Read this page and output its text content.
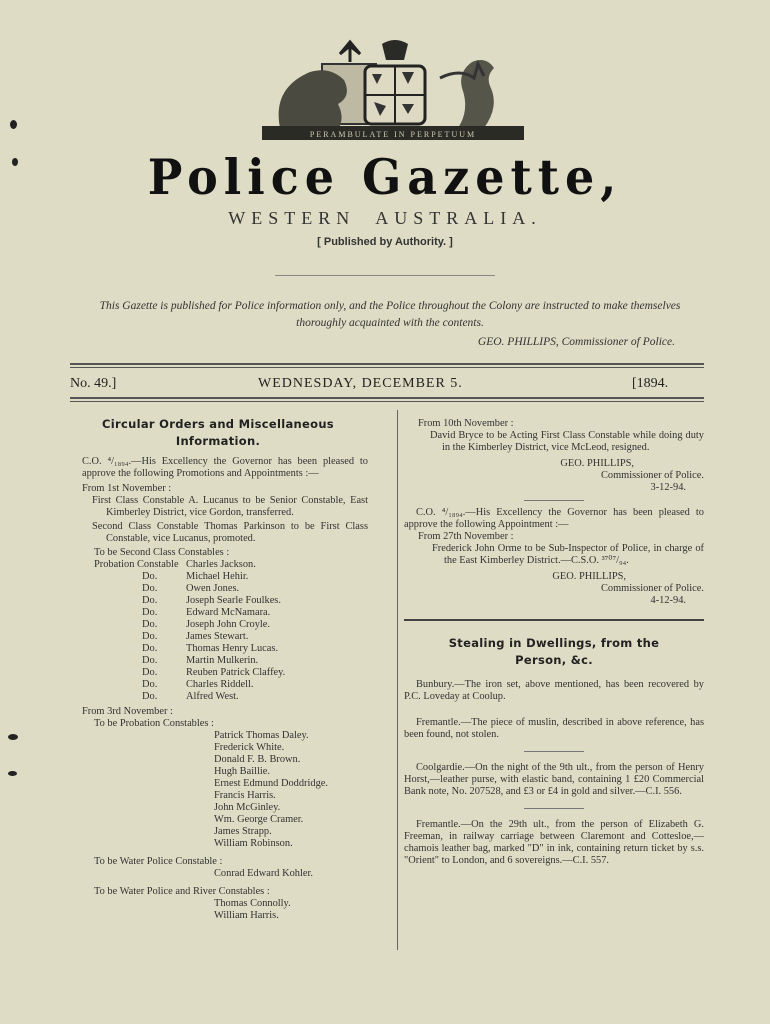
PERAMBULATE IN PERPETUUM
Police Gazette,
WESTERN  AUSTRALIA.
[ Published by Authority. ]
This Gazette is published for Police information only, and the Police throughout the Colony are instructed to make themselves thoroughly acquainted with the contents.
GEO. PHILLIPS, Commissioner of Police.
No. 49.]	WEDNESDAY, DECEMBER 5.	[1894.

Circular Orders and Miscellaneous Information.

C.O. ⁴/₁₈₉₄.—His Excellency the Governor has been pleased to approve the following Promotions and Appointments :—

From 1st November :

First Class Constable A. Lucanus to be Senior Constable, East Kimberley District, vice Gordon, transferred.

Second Class Constable Thomas Parkinson to be First Class Constable, vice Lucanus, promoted.

To be Second Class Constables :

Probation Constable Charles Jackson.
Do.	Michael Hehir.
Do.	Owen Jones.
Do.	Joseph Searle Foulkes.
Do.	Edward McNamara.
Do.	Joseph John Croyle.
Do.	James Stewart.
Do.	Thomas Henry Lucas.
Do.	Martin Mulkerin.
Do.	Reuben Patrick Claffey.
Do.	Charles Riddell.
Do.	Alfred West.

From 3rd November :

To be Probation Constables :

Patrick Thomas Daley.

Frederick White.

Donald F. B. Brown.

Hugh Baillie.

Ernest Edmund Doddridge.

Francis Harris.

John McGinley.

Wm. George Cramer.

James Strapp.

William Robinson.

To be Water Police Constable :

Conrad Edward Kohler.

To be Water Police and River Constables :

Thomas Connolly.

William Harris.

From 10th November :

David Bryce to be Acting First Class Constable while doing duty in the Kimberley District, vice McLeod, resigned.

GEO. PHILLIPS,

Commissioner of Police.

3-12-94.

C.O. ⁴/₁₈₉₄.—His Excellency the Governor has been pleased to approve the following Appointment :—

From 27th November :

Frederick John Orme to be Sub-Inspector of Police, in charge of the East Kimberley District.—C.S.O. ³⁷⁰⁷/₉₄.

GEO. PHILLIPS,

Commissioner of Police.

4-12-94.

Stealing in Dwellings, from the Person, &c.

Bunbury.—The iron set, above mentioned, has been recovered by P.C. Loveday at Coolup.

Fremantle.—The piece of muslin, described in above reference, has been found, not stolen.

Coolgardie.—On the night of the 9th ult., from the person of Henry Horst,—leather purse, with elastic band, containing 1 £20 Commercial Bank note, No. 207528, and £3 or £4 in gold and silver.—C.I. 556.

Fremantle.—On the 29th ult., from the person of Elizabeth G. Freeman, in railway carriage between Claremont and Cottesloe,—chamois leather bag, marked "D" in ink, containing return ticket by s.s. "Orient" to London, and 6 sovereigns.—C.I. 557.
